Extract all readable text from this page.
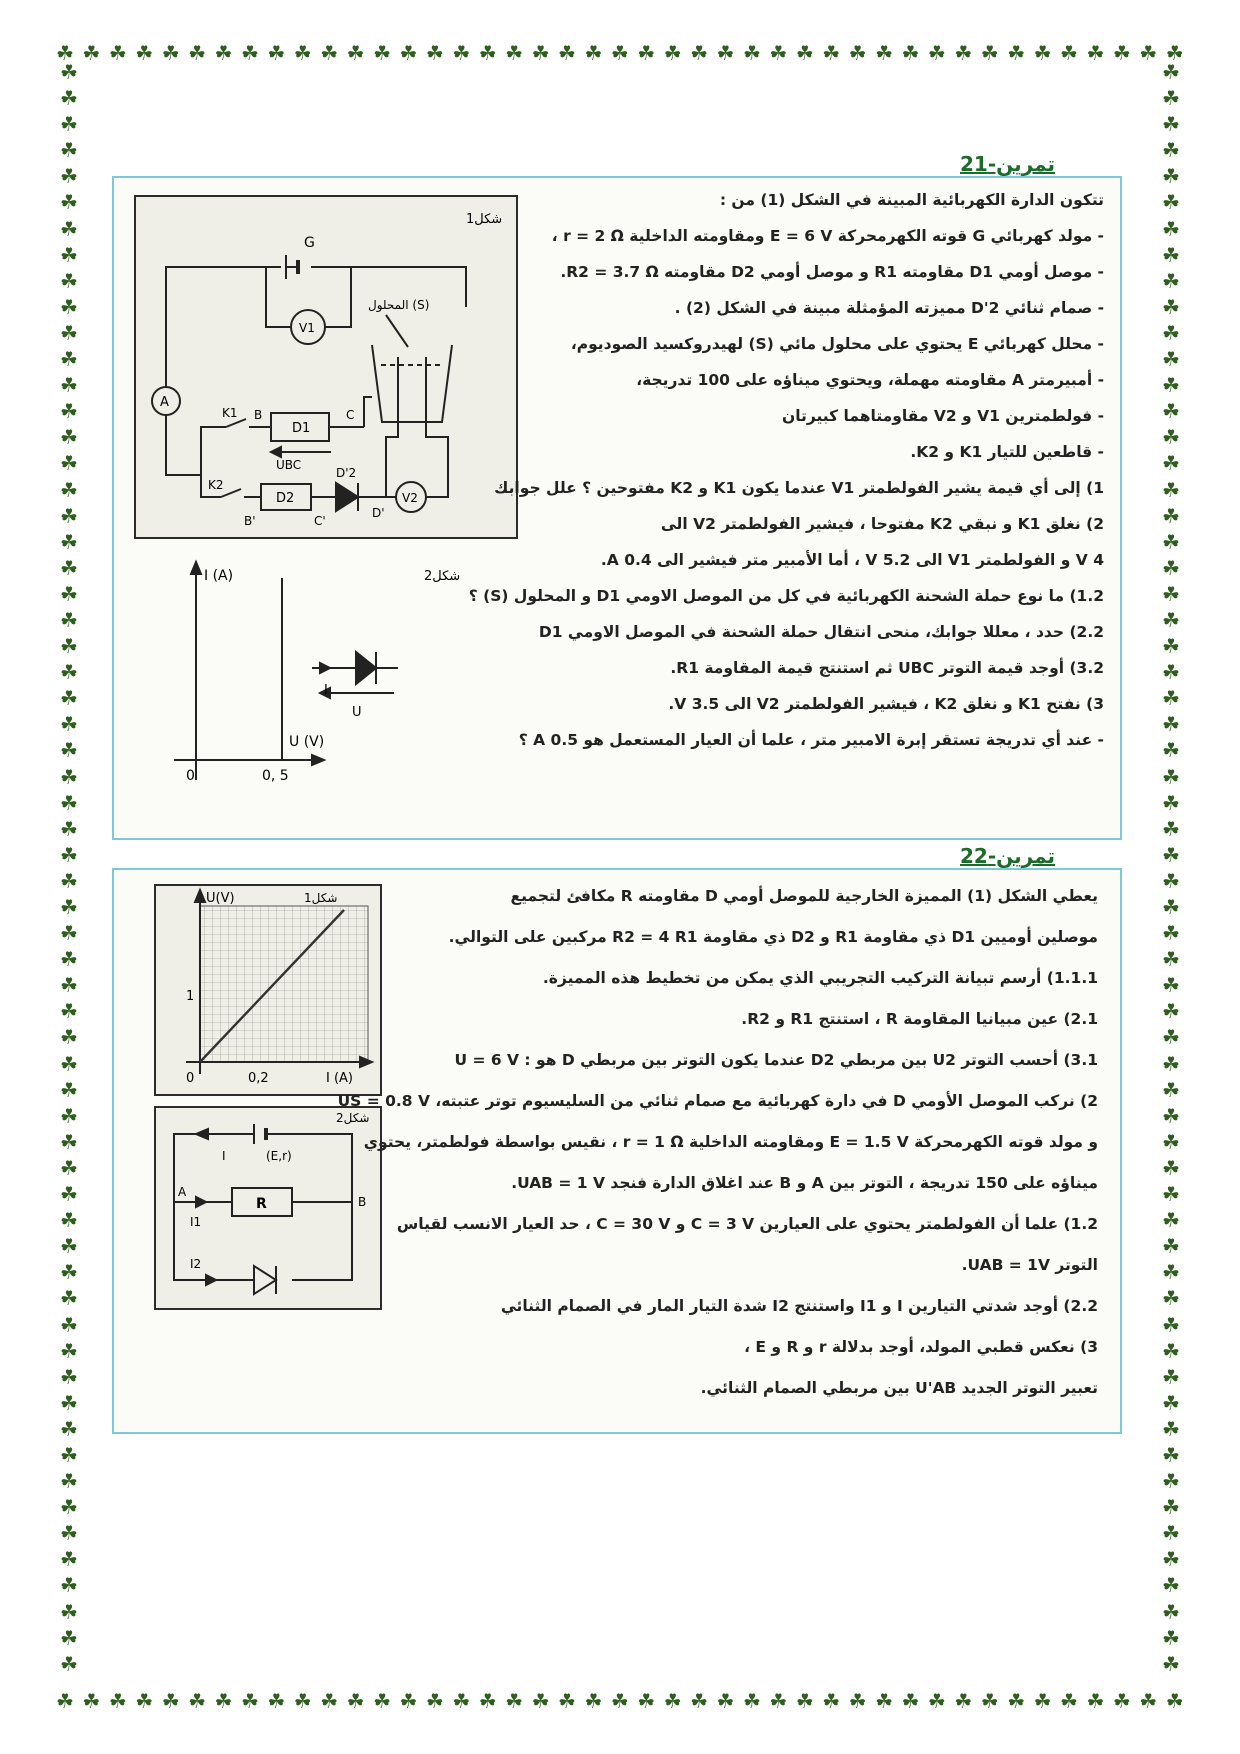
☘ ☘ ☘ ☘ ☘ ☘ ☘ ☘ ☘ ☘ ☘ ☘ ☘ ☘ ☘ ☘ ☘ ☘ ☘ ☘ ☘ ☘ ☘ ☘ ☘ ☘ ☘ ☘ ☘ ☘ ☘ ☘ ☘ ☘ ☘ ☘ ☘ ☘ ☘ ☘ ☘ ☘ ☘
☘ ☘ ☘ ☘ ☘ ☘ ☘ ☘ ☘ ☘ ☘ ☘ ☘ ☘ ☘ ☘ ☘ ☘ ☘ ☘ ☘ ☘ ☘ ☘ ☘ ☘ ☘ ☘ ☘ ☘ ☘ ☘ ☘ ☘ ☘ ☘ ☘ ☘ ☘ ☘ ☘ ☘ ☘
☘
☘
☘
☘
☘
☘
☘
☘
☘
☘
☘
☘
☘
☘
☘
☘
☘
☘
☘
☘
☘
☘
☘
☘
☘
☘
☘
☘
☘
☘
☘
☘
☘
☘
☘
☘
☘
☘
☘
☘
☘
☘
☘
☘
☘
☘
☘
☘
☘
☘
☘
☘
☘
☘
☘
☘
☘
☘
☘
☘
☘
☘
☘
☘
☘
☘
☘
☘
☘
☘
☘
☘
☘
☘
☘
☘
☘
☘
☘
☘
☘
☘
☘
☘
☘
☘
☘
☘
☘
☘
☘
☘
☘
☘
☘
☘
☘
☘
☘
☘
☘
☘
☘
☘
☘
☘
☘
☘
☘
☘
☘
☘
☘
☘
☘
☘
☘
☘
☘
☘
☘
☘
☘
☘
تمرين-21
شكل1
G
V1
A
K1 B
D1
C
UBC
K2
D2
D'2
B'	C'
D'
V2
المحلول (S)
I (A)	شكل2
I
U
U (V)
0	0, 5
تتكون الدارة الكهربائية المبينة في الشكل (1) من :
- مولد كهربائي G قوته الكهرمحركة E = 6 V ومقاومته الداخلية r = 2 Ω ،
- موصل أومي D1 مقاومته R1 و موصل أومي D2 مقاومته R2 = 3.7 Ω.
- صمام ثنائي D'2 مميزته المؤمثلة مبينة في الشكل (2) .
- محلل كهربائي E يحتوي على محلول مائي (S) لهيدروكسيد الصوديوم،
- أمبيرمتر A مقاومته مهملة، ويحتوي ميناؤه على 100 تدريجة،
- فولطمترين V1 و V2 مقاومتاهما كبيرتان
- قاطعين للتيار K1 و K2.
1) إلى أي قيمة يشير الفولطمتر V1 عندما يكون K1 و K2 مفتوحين ؟ علل جوابك
2) نغلق K1 و نبقي K2 مفتوحا ، فيشير الفولطمتر V2 الى
4 V و الفولطمتر V1 الى 5.2 V ، أما الأمبير متر فيشير الى 0.4 A.
1.2) ما نوع حملة الشحنة الكهربائية في كل من الموصل الاومي D1 و المحلول (S) ؟
2.2) حدد ، معللا جوابك، منحى انتقال حملة الشحنة في الموصل الاومي D1
3.2) أوجد قيمة التوتر UBC ثم استنتج قيمة المقاومة R1.
3) نفتح K1 و نغلق K2 ، فيشير الفولطمتر V2 الى 3.5 V.
- عند أي تدريجة تستقر إبرة الامبير متر ، علما أن العيار المستعمل هو 0.5 A ؟
تمرين-22
U(V)	شكل1
1
0	0,2	I (A)
شكل2
(E,r)
I
A
B
R
I1
I2
يعطي الشكل (1) المميزة الخارجية للموصل أومي D مقاومته R مكافئ لتجميع
موصلين أوميين D1 ذي مقاومة R1 و D2 ذي مقاومة R2 = 4 R1 مركبين على التوالي.
1.1.1) أرسم تبيانة التركيب التجريبي الذي يمكن من تخطيط هذه المميزة.
2.1) عين مبيانيا المقاومة R ، استنتج R1 و R2.
3.1) أحسب التوتر U2 بين مربطي D2 عندما يكون التوتر بين مربطي D هو : U = 6 V
2) نركب الموصل الأومي D في دارة كهربائية مع صمام ثنائي من السليسيوم توتر عتبته، US = 0.8 V
و مولد قوته الكهرمحركة E = 1.5 V ومقاومته الداخلية r = 1 Ω ، نقيس بواسطة فولطمتر، يحتوي
ميناؤه على 150 تدريجة ، التوتر بين A و B عند اغلاق الدارة فنجد UAB = 1 V.
1.2) علما أن الفولطمتر يحتوي على العيارين C = 3 V و C = 30 V ، حد العيار الانسب لقياس
التوتر UAB = 1V.
2.2) أوجد شدتي التيارين I و I1 واستنتج I2 شدة التيار المار في الصمام الثنائي
3) نعكس قطبي المولد، أوجد بدلالة r و R و E ،
تعبير التوتر الجديد U'AB بين مربطي الصمام الثنائي.
